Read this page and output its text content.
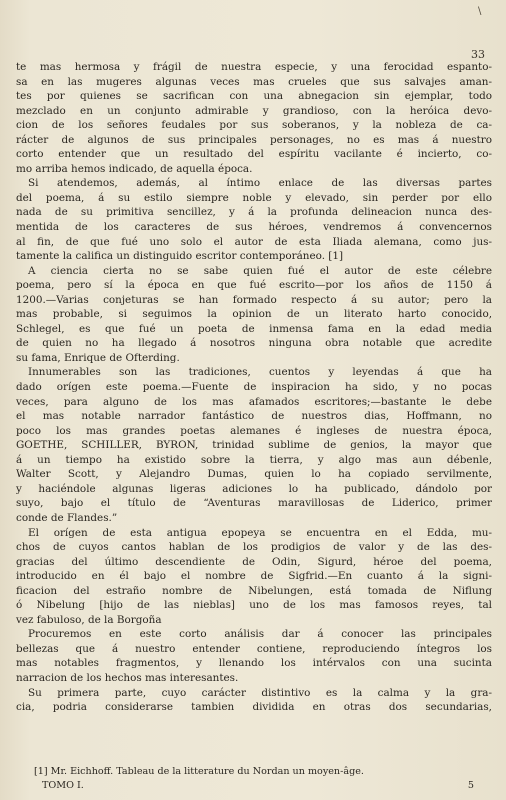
\
33
te mas hermosa y frágil de nuestra especie, y una ferocidad espanto-
sa en las mugeres algunas veces mas crueles que sus salvajes aman-
tes por quienes se sacrifican con una abnegacion sin ejemplar, todo
mezclado en un conjunto admirable y grandioso, con la heróica devo-
cion de los señores feudales por sus soberanos, y la nobleza de ca-
rácter de algunos de sus principales personages, no es mas á nuestro
corto entender que un resultado del espíritu vacilante é incierto, co-
mo arriba hemos indicado, de aquella época.
Si atendemos, además, al íntimo enlace de las diversas partes
del poema, á su estilo siempre noble y elevado, sin perder por ello
nada de su primitiva sencillez, y á la profunda delineacion nunca des-
mentida de los caracteres de sus héroes, vendremos á convencernos
al fin, de que fué uno solo el autor de esta Iliada alemana, como jus-
tamente la califica un distinguido escritor contemporáneo. [1]
A ciencia cierta no se sabe quien fué el autor de este célebre
poema, pero sí la época en que fué escrito—por los años de 1150 á
1200.—Varias conjeturas se han formado respecto á su autor; pero la
mas probable, si seguimos la opinion de un literato harto conocido,
Schlegel, es que fué un poeta de inmensa fama en la edad media
de quien no ha llegado á nosotros ninguna obra notable que acredite
su fama, Enrique de Ofterding.
Innumerables son las tradiciones, cuentos y leyendas á que ha
dado orígen este poema.—Fuente de inspiracion ha sido, y no pocas
veces, para alguno de los mas afamados escritores;—bastante le debe
el mas notable narrador fantástico de nuestros dias, Hoffmann, no
poco los mas grandes poetas alemanes é ingleses de nuestra época,
GOETHE, SCHILLER, BYRON, trinidad sublime de genios, la mayor que
á un tiempo ha existido sobre la tierra, y algo mas aun débenle,
Walter Scott, y Alejandro Dumas, quien lo ha copiado servilmente,
y haciéndole algunas ligeras adiciones lo ha publicado, dándolo por
suyo, bajo el título de “Aventuras maravillosas de Liderico, primer
conde de Flandes.”
El orígen de esta antigua epopeya se encuentra en el Edda, mu-
chos de cuyos cantos hablan de los prodigios de valor y de las des-
gracias del último descendiente de Odin, Sigurd, héroe del poema,
introducido en él bajo el nombre de Sigfrid.—En cuanto á la signi-
ficacion del estraño nombre de Nibelungen, está tomada de Niflung
ó Nibelung [hijo de las nieblas] uno de los mas famosos reyes, tal
vez fabuloso, de la Borgoña
Procuremos en este corto análisis dar á conocer las principales
bellezas que á nuestro entender contiene, reproduciendo íntegros los
mas notables fragmentos, y llenando los intérvalos con una sucinta
narracion de los hechos mas interesantes.
Su primera parte, cuyo carácter distintivo es la calma y la gra-
cia, podria considerarse tambien dividida en otras dos secundarias,
[1] Mr. Eichhoff. Tableau de la litterature du Nordan un moyen-âge.
TOMO I.	5
